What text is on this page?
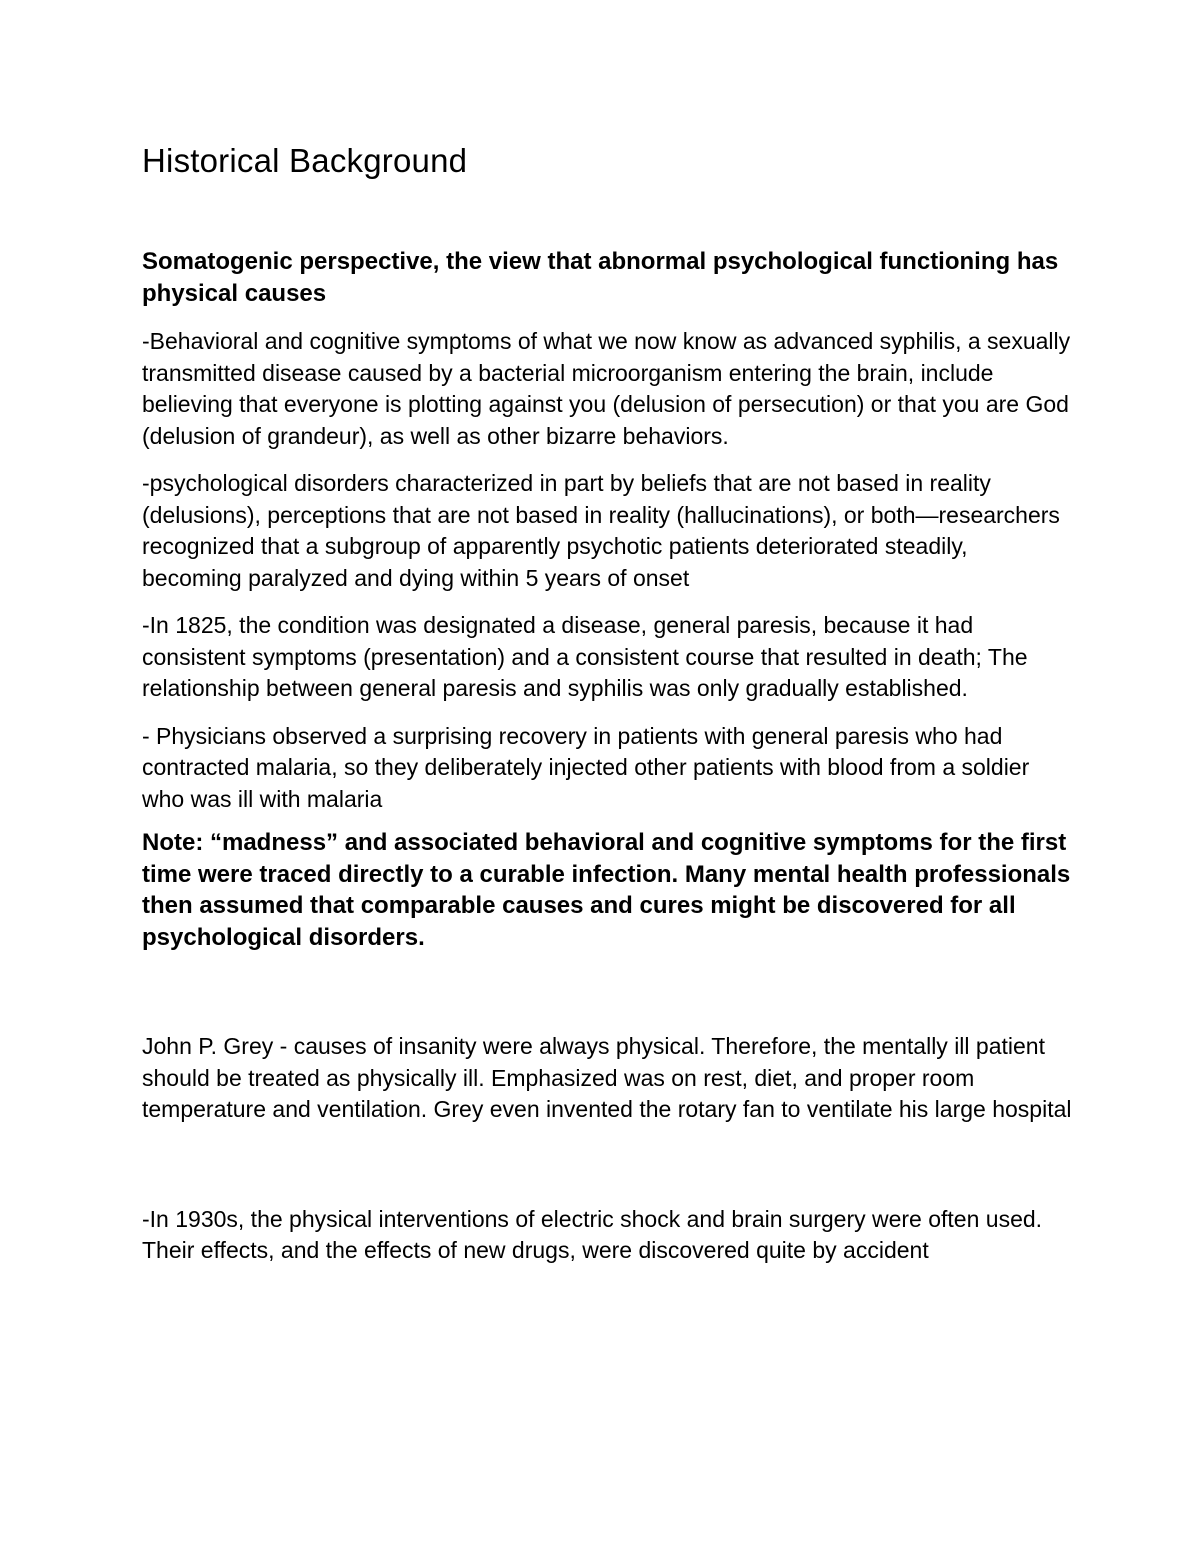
Historical Background

Somatogenic perspective, the view that abnormal psychological functioning has physical causes

-Behavioral and cognitive symptoms of what we now know as advanced syphilis, a sexually transmitted disease caused by a bacterial microorganism entering the brain, include believing that everyone is plotting against you (delusion of persecution) or that you are God (delusion of grandeur), as well as other bizarre behaviors.

-psychological disorders characterized in part by beliefs that are not based in reality (delusions), perceptions that are not based in reality (hallucinations), or both—researchers recognized that a subgroup of apparently psychotic patients deteriorated steadily, becoming paralyzed and dying within 5 years of onset

-In 1825, the condition was designated a disease, general paresis, because it had consistent symptoms (presentation) and a consistent course that resulted in death; The relationship between general paresis and syphilis was only gradually established.

- Physicians observed a surprising recovery in patients with general paresis who had contracted malaria, so they deliberately injected other patients with blood from a soldier who was ill with malaria

Note: “madness” and associated behavioral and cognitive symptoms for the first time were traced directly to a curable infection. Many mental health professionals then assumed that comparable causes and cures might be discovered for all psychological disorders.

John P. Grey - causes of insanity were always physical. Therefore, the mentally ill patient should be treated as physically ill. Emphasized was on rest, diet, and proper room temperature and ventilation. Grey even invented the rotary fan to ventilate his large hospital

-In 1930s, the physical interventions of electric shock and brain surgery were often used. Their effects, and the effects of new drugs, were discovered quite by accident
